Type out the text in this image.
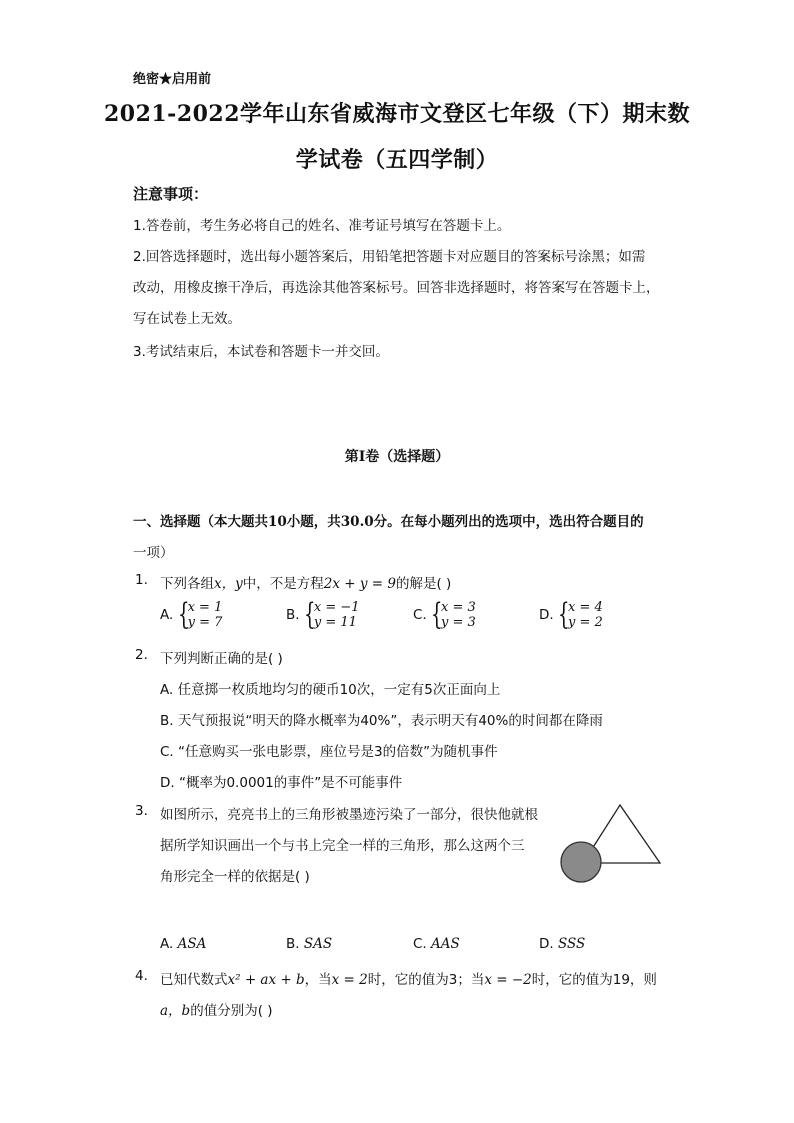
绝密★启用前
2021-2022学年山东省威海市文登区七年级（下）期末数
学试卷（五四学制）
注意事项：
1.答卷前，考生务必将自己的姓名、准考证号填写在答题卡上。
2.回答选择题时，选出每小题答案后，用铅笔把答题卡对应题目的答案标号涂黑；如需
改动，用橡皮擦干净后，再选涂其他答案标号。回答非选择题时，将答案写在答题卡上，
写在试卷上无效。
3.考试结束后，本试卷和答题卡一并交回。
第Ⅰ卷（选择题）
一、选择题（本大题共10小题，共30.0分。在每小题列出的选项中，选出符合题目的
一项）
1. 下列各组x，y中，不是方程2x + y = 9的解是( )
A. {
x = 1
y = 7	B. {
x = −1
y = 11	C. {
x = 3
y = 3	D. {
x = 4
y = 2
2. 下列判断正确的是( )
A. 任意掷一枚质地均匀的硬币10次，一定有5次正面向上
B. 天气预报说“明天的降水概率为40%”，表示明天有40%的时间都在降雨
C. “任意购买一张电影票，座位号是3的倍数”为随机事件
D. “概率为0.0001的事件”是不可能事件
3. 如图所示，亮亮书上的三角形被墨迹污染了一部分，很快他就根
据所学知识画出一个与书上完全一样的三角形，那么这两个三
角形完全一样的依据是( )
A. ASA	B. SAS	C. AAS	D. SSS
4. 已知代数式x² + ax + b，当x = 2时，它的值为3；当x = −2时，它的值为19，则
a，b的值分别为( )
